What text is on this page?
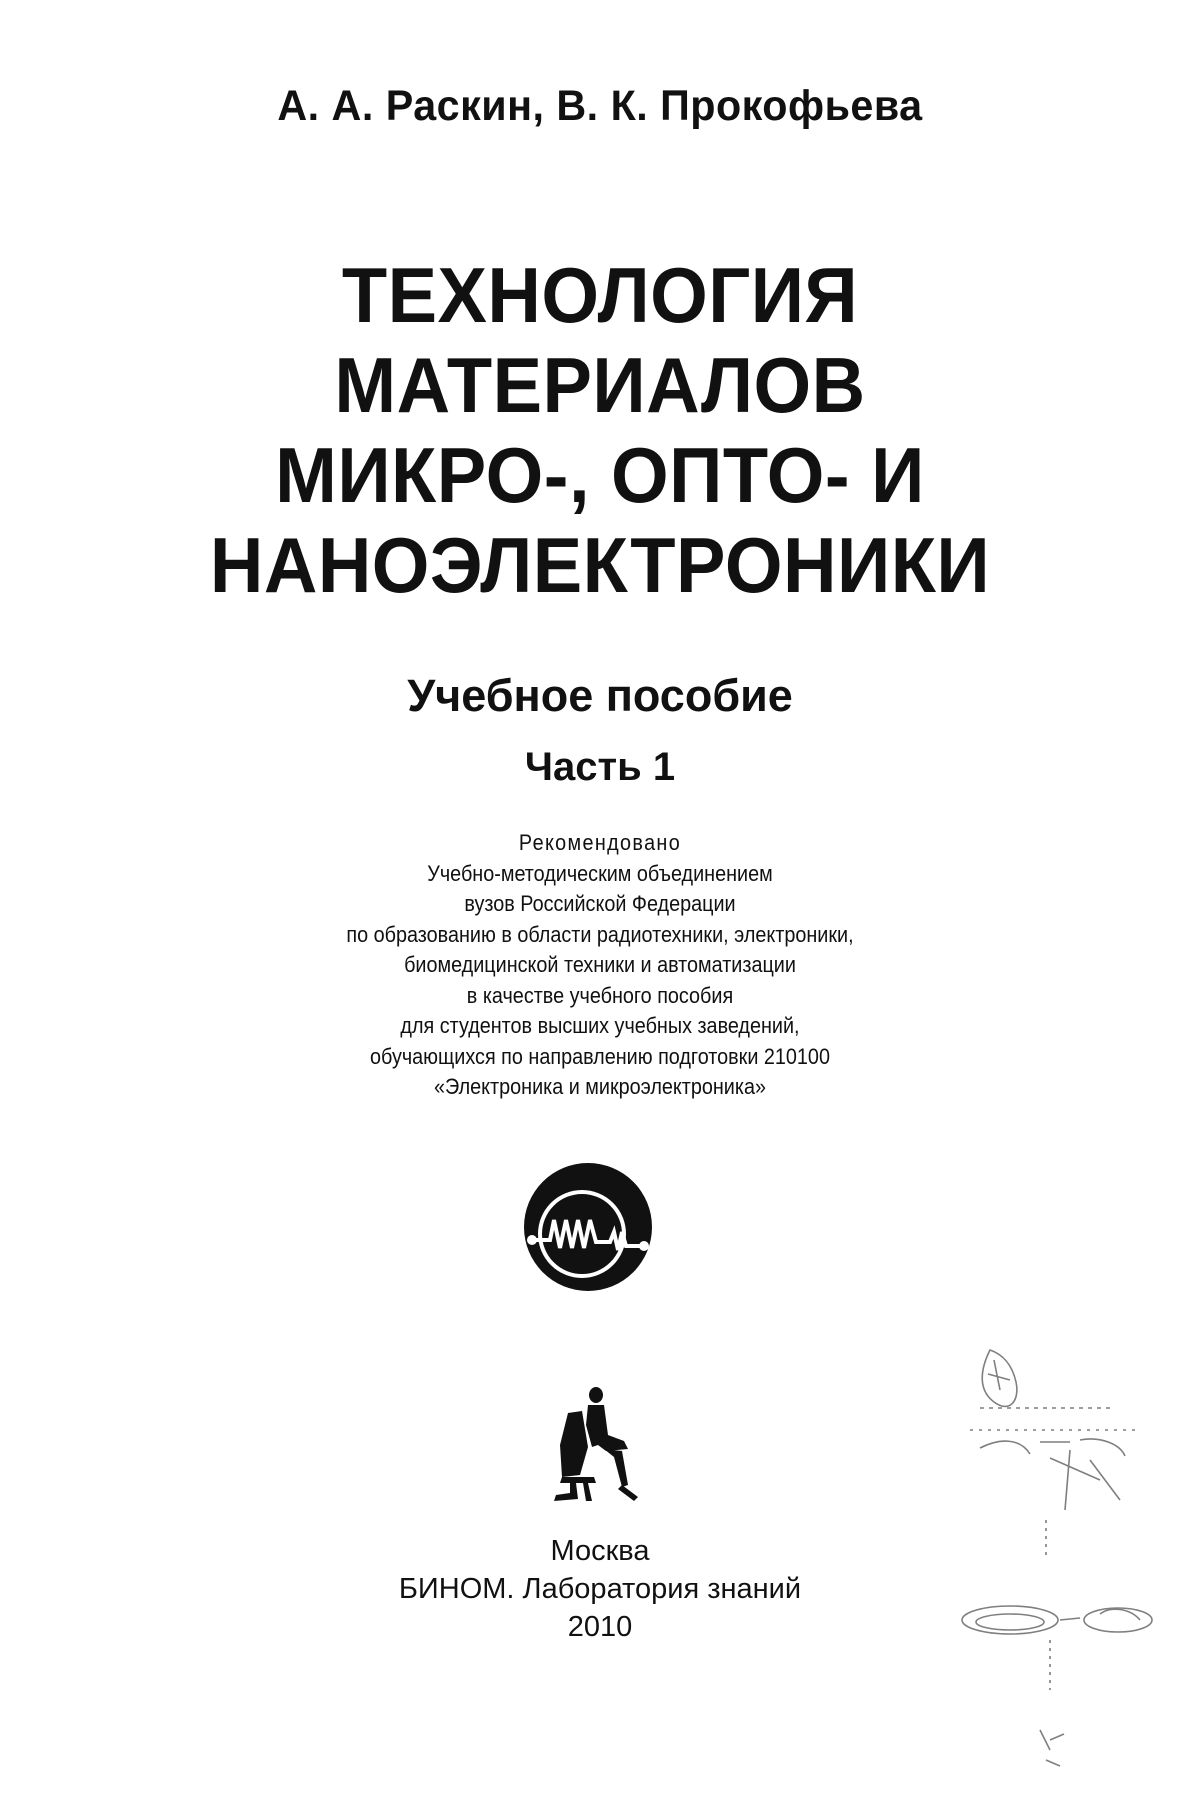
А. А. Раскин, В. К. Прокофьева
ТЕХНОЛОГИЯ
МАТЕРИАЛОВ
МИКРО-, ОПТО- И
НАНОЭЛЕКТРОНИКИ
Учебное пособие
Часть 1
Рекомендовано
Учебно-методическим объединением
вузов Российской Федерации
по образованию в области радиотехники, электроники,
биомедицинской техники и автоматизации
в качестве учебного пособия
для студентов высших учебных заведений,
обучающихся по направлению подготовки 210100
«Электроника и микроэлектроника»
Москва
БИНОМ. Лаборатория знаний
2010
